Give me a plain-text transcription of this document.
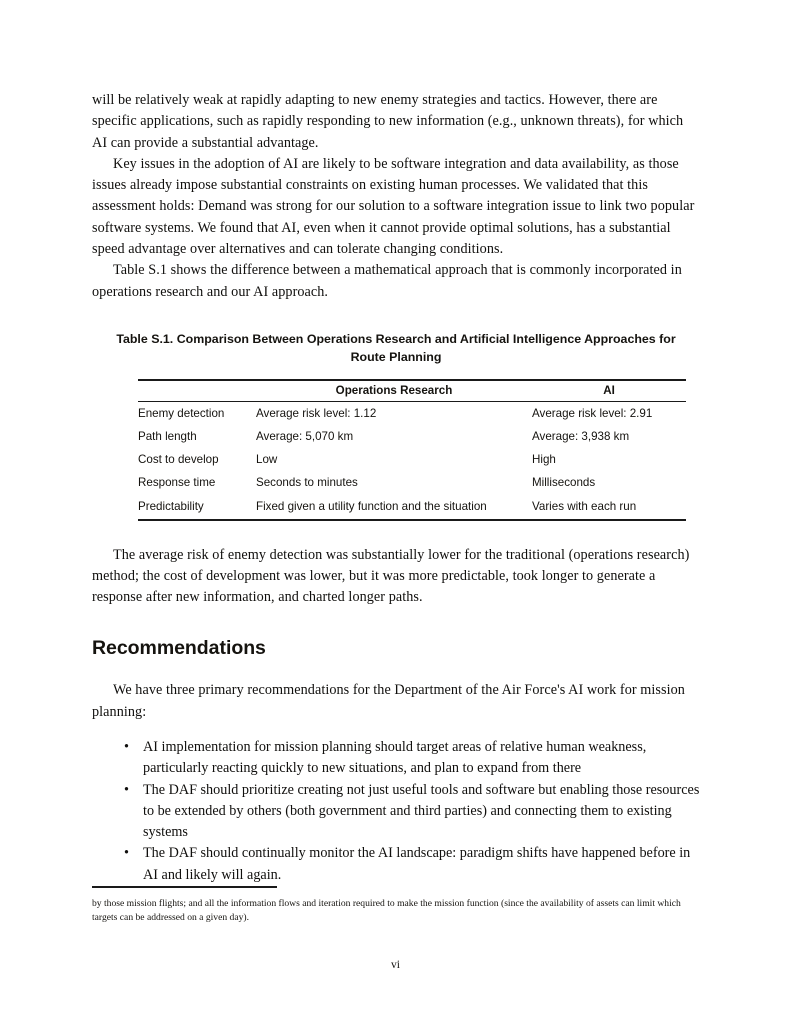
will be relatively weak at rapidly adapting to new enemy strategies and tactics. However, there are specific applications, such as rapidly responding to new information (e.g., unknown threats), for which AI can provide a substantial advantage.

Key issues in the adoption of AI are likely to be software integration and data availability, as those issues already impose substantial constraints on existing human processes. We validated that this assessment holds: Demand was strong for our solution to a software integration issue to link two popular software systems. We found that AI, even when it cannot provide optimal solutions, has a substantial speed advantage over alternatives and can tolerate changing conditions.

Table S.1 shows the difference between a mathematical approach that is commonly incorporated in operations research and our AI approach.

Table S.1. Comparison Between Operations Research and Artificial Intelligence Approaches for Route Planning
	Operations Research	AI
Enemy detection	Average risk level: 1.12	Average risk level: 2.91
Path length	Average: 5,070 km	Average: 3,938 km
Cost to develop	Low	High
Response time	Seconds to minutes	Milliseconds
Predictability	Fixed given a utility function and the situation	Varies with each run

The average risk of enemy detection was substantially lower for the traditional (operations research) method; the cost of development was lower, but it was more predictable, took longer to generate a response after new information, and charted longer paths.

Recommendations

We have three primary recommendations for the Department of the Air Force's AI work for mission planning:

• AI implementation for mission planning should target areas of relative human weakness, particularly reacting quickly to new situations, and plan to expand from there
• The DAF should prioritize creating not just useful tools and software but enabling those resources to be extended by others (both government and third parties) and connecting them to existing systems
• The DAF should continually monitor the AI landscape: paradigm shifts have happened before in AI and likely will again.

by those mission flights; and all the information flows and iteration required to make the mission function (since the availability of assets can limit which targets can be addressed on a given day).

vi
